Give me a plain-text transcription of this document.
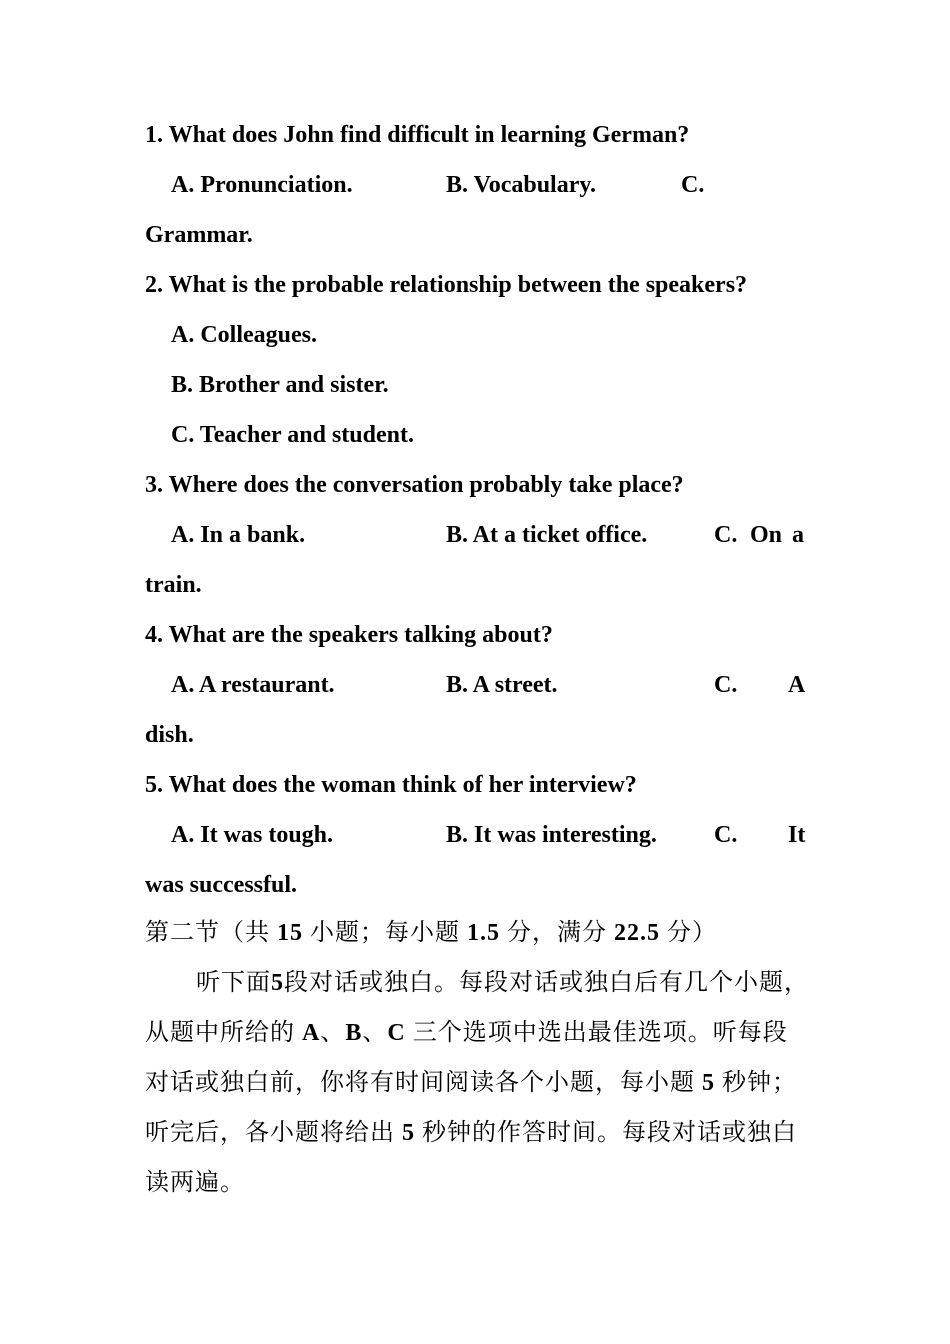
1. What does John find difficult in learning German?
A. Pronunciation.	B. Vocabulary.	C.
Grammar.
2. What is the probable relationship between the speakers?
A. Colleagues.
B. Brother and sister.
C. Teacher and student.
3. Where does the conversation probably take place?
A. In a bank.	B. At a ticket office.	C. On a
train.
4. What are the speakers talking about?
A. A restaurant.	B. A street.	C. A
dish.
5. What does the woman think of her interview?
A. It was tough.	B. It was interesting. C. It
was successful.
第二节（共 15 小题；每小题 1.5 分，满分 22.5 分）
听下面5段对话或独白。每段对话或独白后有几个小题，
从题中所给的 A、B、C 三个选项中选出最佳选项。听每段
对话或独白前，你将有时间阅读各个小题，每小题 5 秒钟；
听完后，各小题将给出 5 秒钟的作答时间。每段对话或独白
读两遍。
